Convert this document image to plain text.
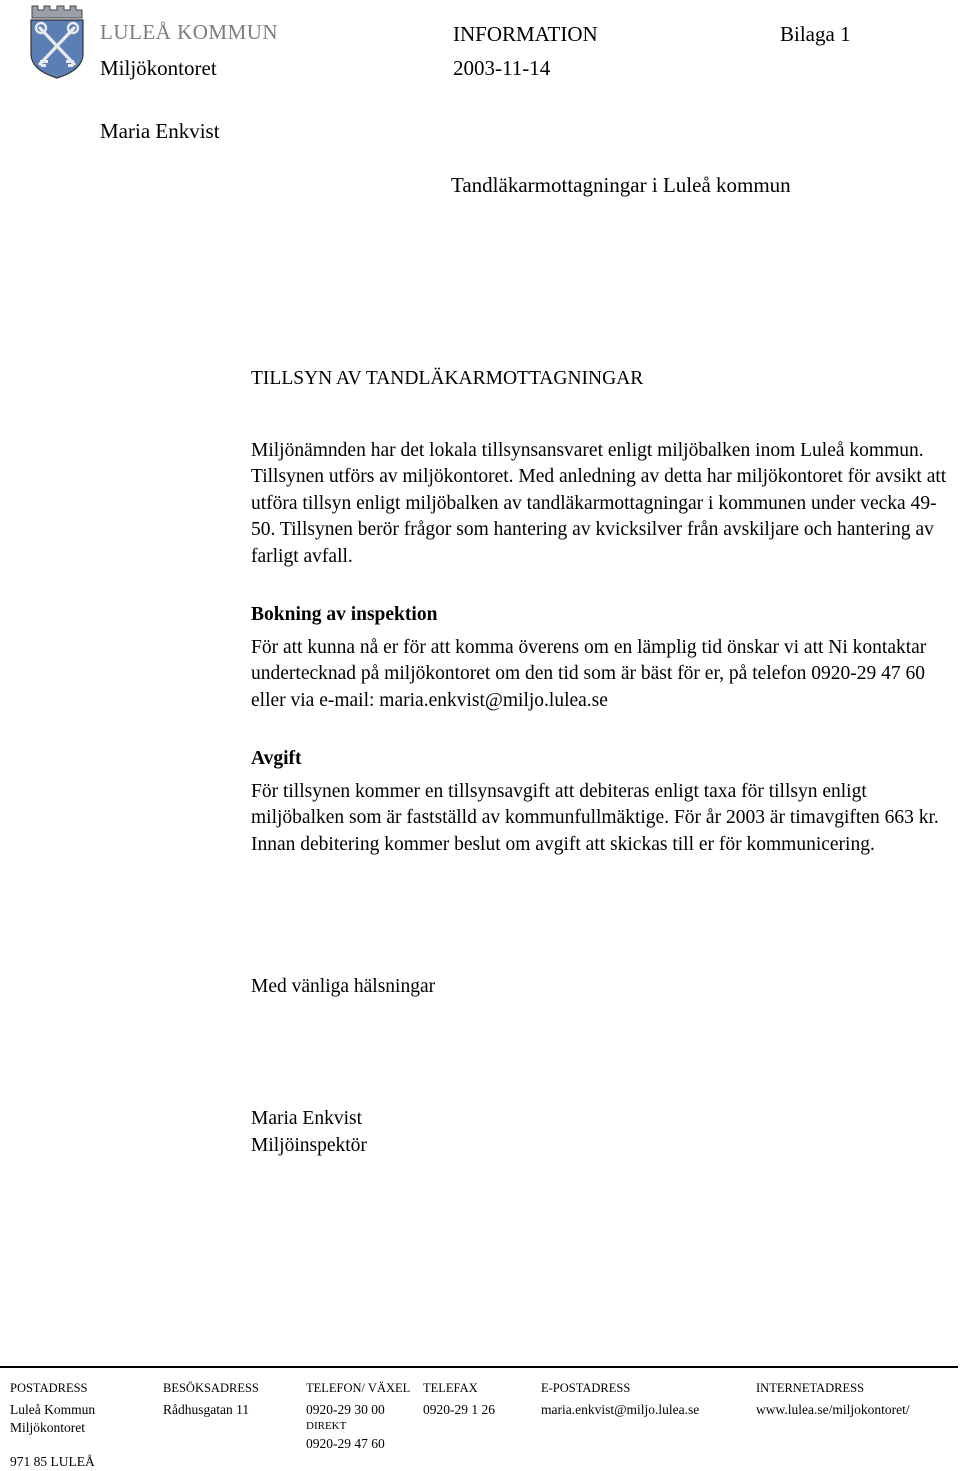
LULEÅ KOMMUN
Miljökontoret
INFORMATION
2003-11-14
Bilaga 1
Maria Enkvist
Tandläkarmottagningar i Luleå kommun
TILLSYN AV TANDLÄKARMOTTAGNINGAR

Miljönämnden har det lokala tillsynsansvaret enligt miljöbalken inom Luleå kommun. Tillsynen utförs av miljökontoret. Med anledning av detta har miljökontoret för avsikt att utföra tillsyn enligt miljöbalken av tandläkarmottagningar i kommunen under vecka 49-50. Tillsynen berör frågor som hantering av kvicksilver från avskiljare och hantering av farligt avfall.

Bokning av inspektion

För att kunna nå er för att komma överens om en lämplig tid önskar vi att Ni kontaktar undertecknad på miljökontoret om den tid som är bäst för er, på telefon 0920-29 47 60 eller via e-mail: maria.enkvist@miljo.lulea.se

Avgift

För tillsynen kommer en tillsynsavgift att debiteras enligt taxa för tillsyn enligt miljöbalken som är fastställd av kommunfullmäktige. För år 2003 är timavgiften 663 kr. Innan debitering kommer beslut om avgift att skickas till er för kommunicering.

Med vänliga hälsningar
Maria Enkvist
Miljöinspektör
POSTADRESS
Luleå Kommun
Miljökontoret
971 85 LULEÅ
BESÖKSADRESS
Rådhusgatan 11
TELEFON/ VÄXEL
0920-29 30 00
DIREKT
0920-29 47 60
TELEFAX
0920-29 1 26
E-POSTADRESS
maria.enkvist@miljo.lulea.se
INTERNETADRESS
www.lulea.se/miljokontoret/
